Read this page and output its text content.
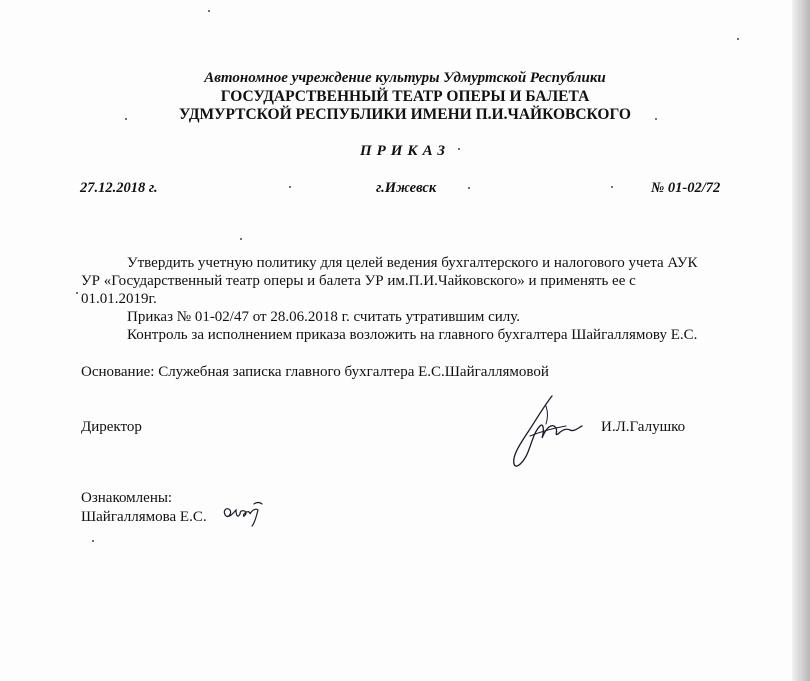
Автономное учреждение культуры Удмуртской Республики
ГОСУДАРСТВЕННЫЙ ТЕАТР ОПЕРЫ И БАЛЕТА
УДМУРТСКОЙ РЕСПУБЛИКИ ИМЕНИ П.И.ЧАЙКОВСКОГО
ПРИКАЗ
27.12.2018 г.	г.Ижевск	№ 01-02/72
Утвердить учетную политику для целей ведения бухгалтерского и налогового учета АУК
УР «Государственный театр оперы и балета УР им.П.И.Чайковского» и применять ее с
01.01.2019г.
Приказ № 01-02/47 от 28.06.2018 г. считать утратившим силу.
Контроль за исполнением приказа возложить на главного бухгалтера Шайгаллямову Е.С.
Основание: Служебная записка главного бухгалтера Е.С.Шайгаллямовой
Директор	И.Л.Галушко
Ознакомлены:
Шайгаллямова Е.С.
